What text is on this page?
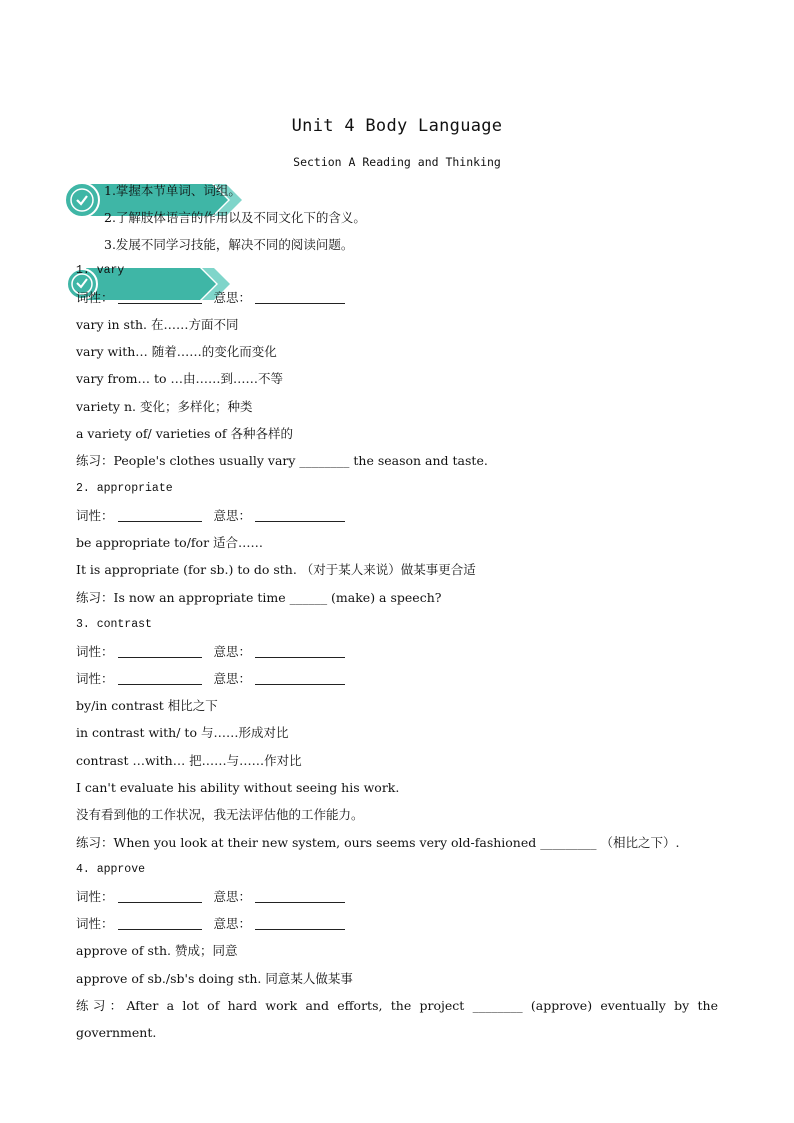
Unit 4 Body Language
Section A Reading and Thinking
1.掌握本节单词、词组。
2.了解肢体语言的作用以及不同文化下的含义。
3.发展不同学习技能，解决不同的阅读问题。
1. vary
词性：	意思：
vary in sth. 在……方面不同
vary with… 随着……的变化而变化
vary from… to …由……到……不等
variety n. 变化；多样化；种类
a variety of/ varieties of 各种各样的
练习：People's clothes usually vary ________ the season and taste.
2. appropriate
词性：	意思：
be appropriate to/for 适合……
It is appropriate (for sb.) to do sth. （对于某人来说）做某事更合适
练习：Is now an appropriate time ______ (make) a speech?
3. contrast
词性：	意思：
词性：	意思：
by/in contrast 相比之下
in contrast with/ to 与……形成对比
contrast …with… 把……与……作对比
I can't evaluate his ability without seeing his work.
没有看到他的工作状况，我无法评估他的工作能力。
练习：When you look at their new system, ours seems very old-fashioned _________ （相比之下）.
4. approve
词性：	意思：
词性：	意思：
approve of sth. 赞成；同意
approve of sb./sb's doing sth. 同意某人做某事
练习：After a lot of hard work and efforts, the project ________ (approve) eventually by the
government.
